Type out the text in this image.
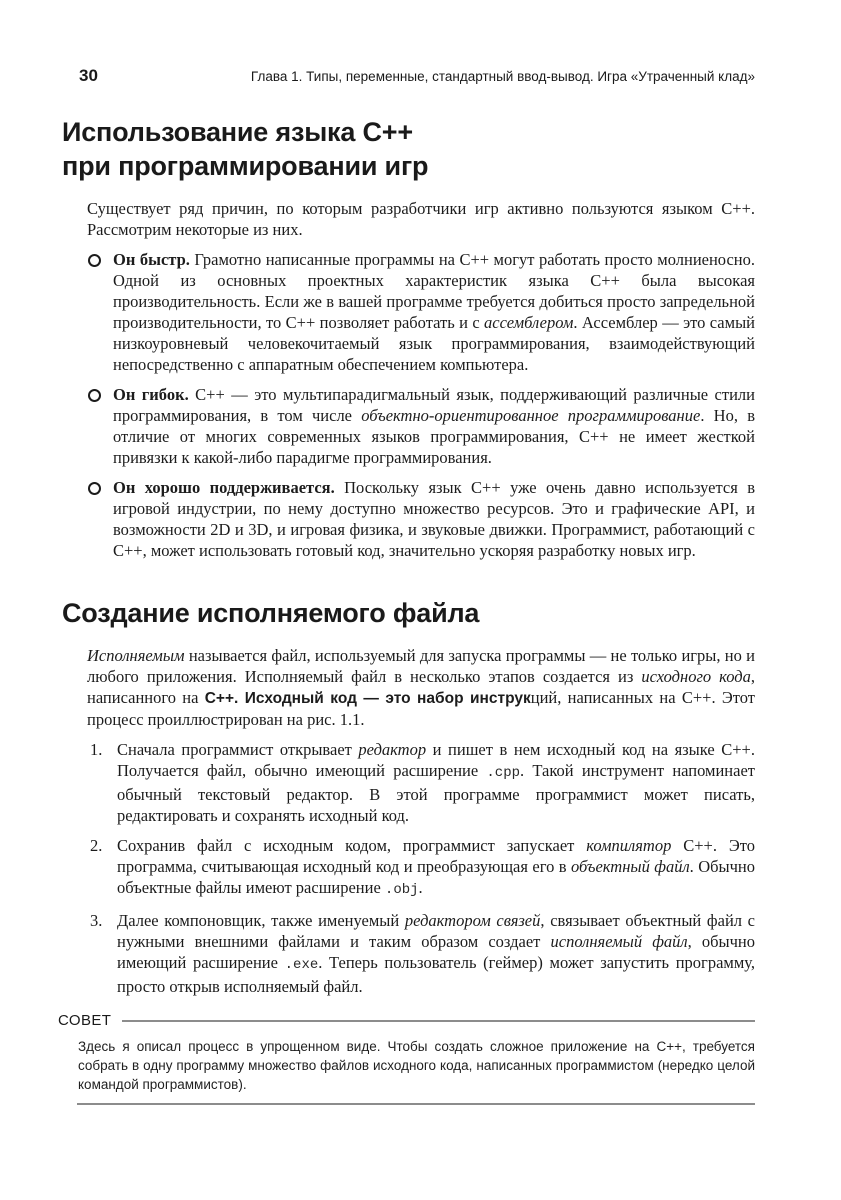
30	Глава 1. Типы, переменные, стандартный ввод-вывод. Игра «Утраченный клад»
Использование языка C++
при программировании игр

Существует ряд причин, по которым разработчики игр активно пользуются языком C++. Рассмотрим некоторые из них.

Он быстр. Грамотно написанные программы на C++ могут работать просто молниеносно. Одной из основных проектных характеристик языка C++ была высокая производительность. Если же в вашей программе требуется добиться просто запредельной производительности, то C++ позволяет работать и с ассемблером. Ассемблер — это самый низкоуровневый человекочитаемый язык программирования, взаимодействующий непосредственно с аппаратным обеспечением компьютера.
Он гибок. C++ — это мультипарадигмальный язык, поддерживающий различные стили программирования, в том числе объектно-ориентированное программирование. Но, в отличие от многих современных языков программирования, C++ не имеет жесткой привязки к какой-либо парадигме программирования.
Он хорошо поддерживается. Поскольку язык C++ уже очень давно используется в игровой индустрии, по нему доступно множество ресурсов. Это и графические API, и возможности 2D и 3D, и игровая физика, и звуковые движки. Программист, работающий с C++, может использовать готовый код, значительно ускоряя разработку новых игр.
Создание исполняемого файла

Исполняемым называется файл, используемый для запуска программы — не только игры, но и любого приложения. Исполняемый файл в несколько этапов создается из исходного кода, написанного на C++. Исходный код — это набор инструкций, написанных на C++. Этот процесс проиллюстрирован на рис. 1.1.

1. Сначала программист открывает редактор и пишет в нем исходный код на языке C++. Получается файл, обычно имеющий расширение .cpp. Такой инструмент напоминает обычный текстовый редактор. В этой программе программист может писать, редактировать и сохранять исходный код.
2. Сохранив файл с исходным кодом, программист запускает компилятор C++. Это программа, считывающая исходный код и преобразующая его в объектный файл. Обычно объектные файлы имеют расширение .obj.
3. Далее компоновщик, также именуемый редактором связей, связывает объектный файл с нужными внешними файлами и таким образом создает исполняемый файл, обычно имеющий расширение .exe. Теперь пользователь (геймер) может запустить программу, просто открыв исполняемый файл.
СОВЕТ

Здесь я описал процесс в упрощенном виде. Чтобы создать сложное приложение на C++, требуется собрать в одну программу множество файлов исходного кода, написанных программистом (нередко целой командой программистов).
